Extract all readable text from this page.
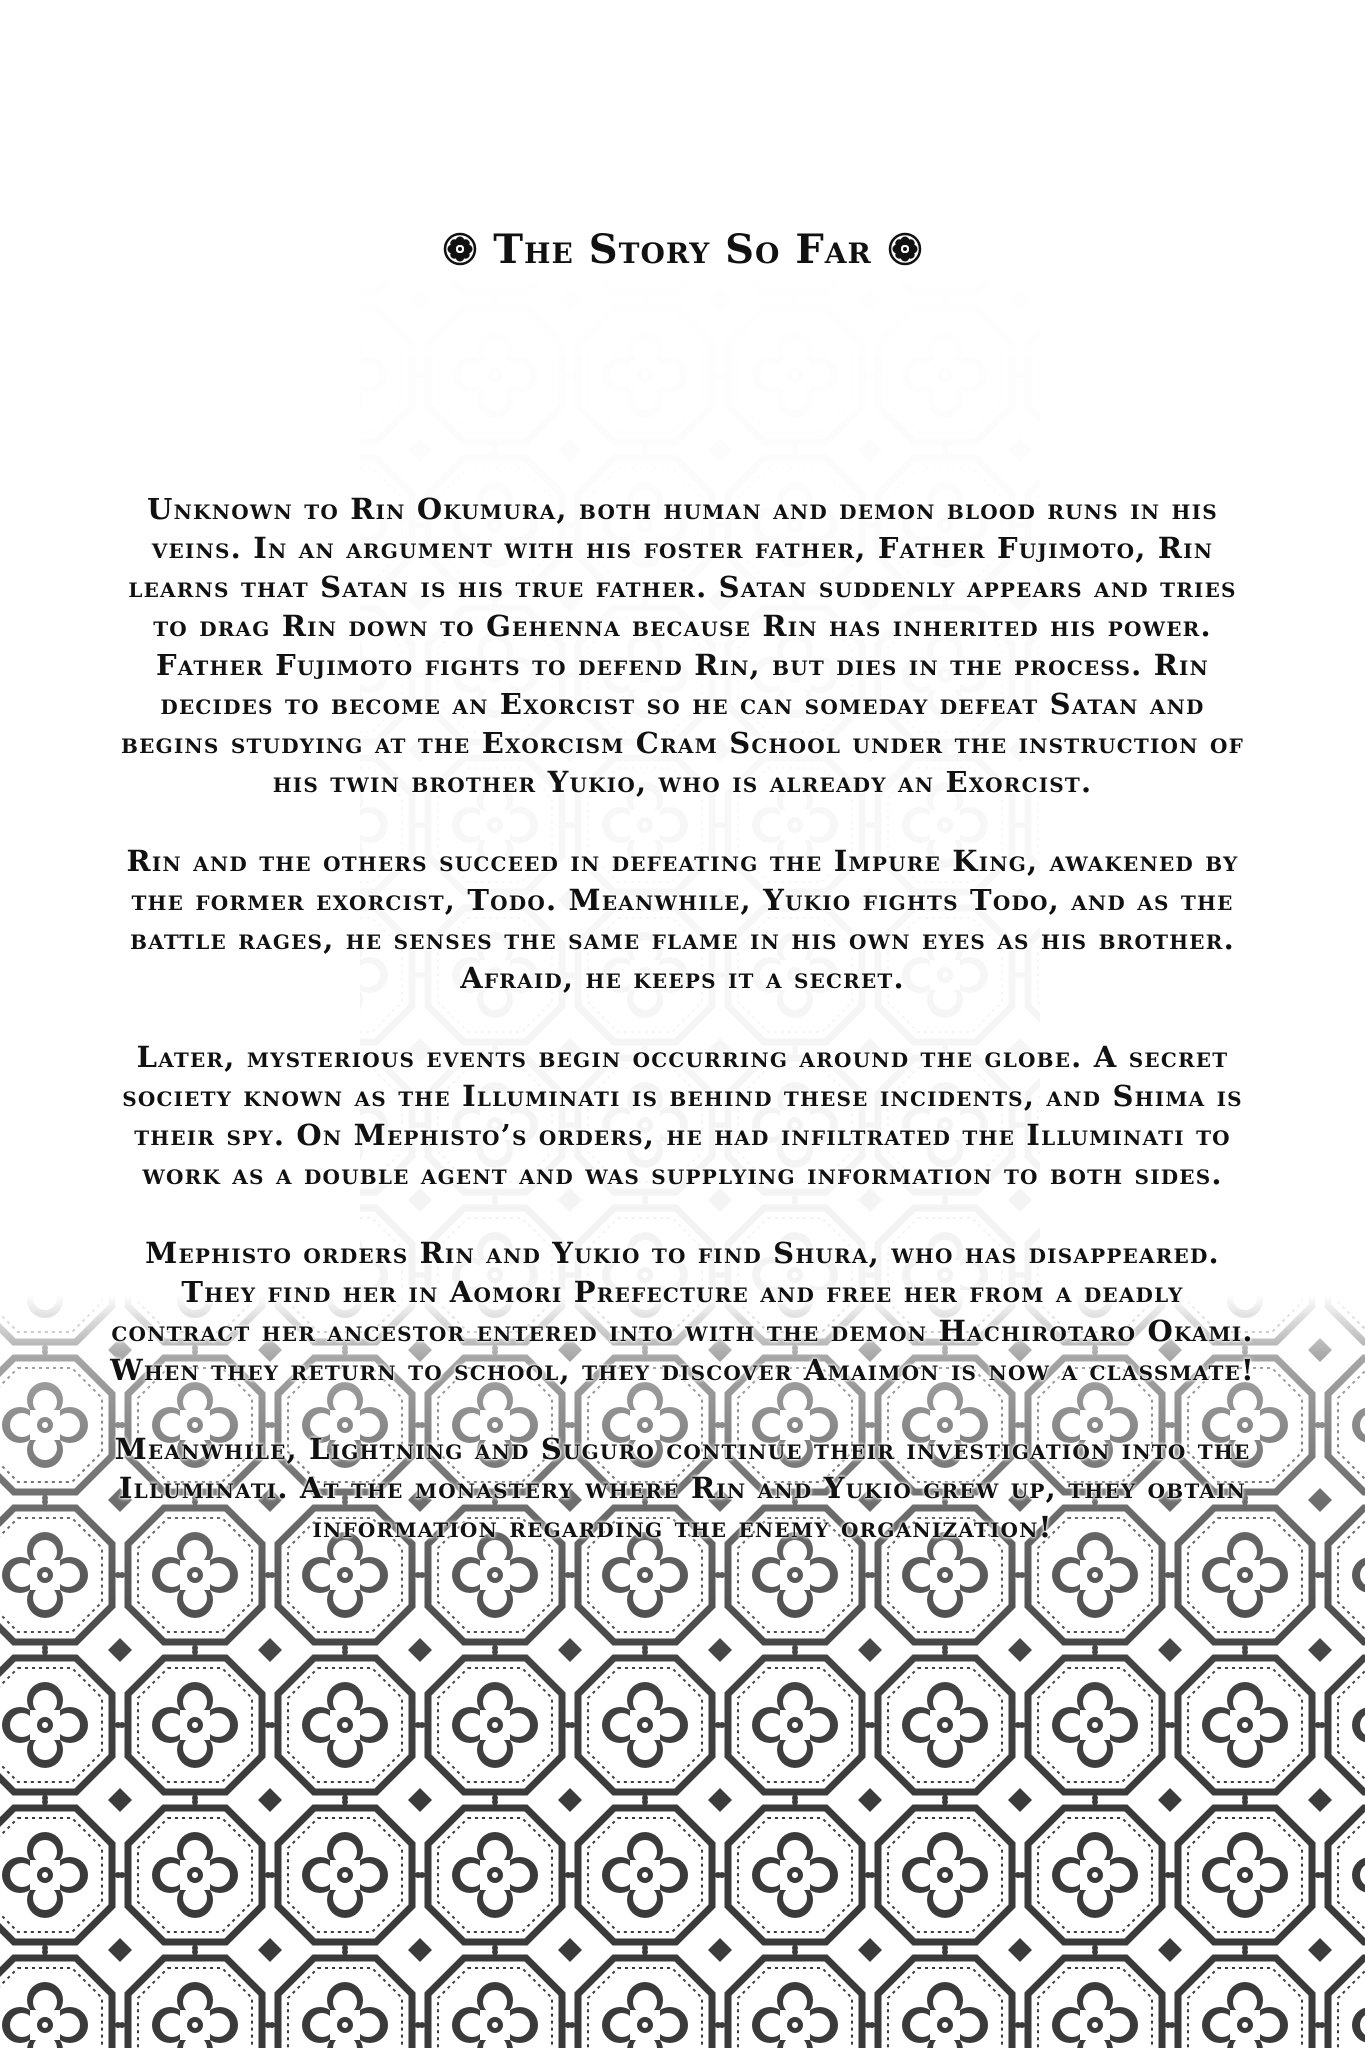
The Story So Far

Unknown to Rin Okumura, both human and demon blood runs in his veins. In an argument with his foster father, Father Fujimoto, Rin learns that Satan is his true father. Satan suddenly appears and tries to drag Rin down to Gehenna because Rin has inherited his power. Father Fujimoto fights to defend Rin, but dies in the process. Rin decides to become an Exorcist so he can someday defeat Satan and begins studying at the Exorcism Cram School under the instruction of his twin brother Yukio, who is already an Exorcist.

Rin and the others succeed in defeating the Impure King, awakened by the former exorcist, Todo. Meanwhile, Yukio fights Todo, and as the battle rages, he senses the same flame in his own eyes as his brother. Afraid, he keeps it a secret.

Later, mysterious events begin occurring around the globe. A secret society known as the Illuminati is behind these incidents, and Shima is their spy. On Mephisto’s orders, he had infiltrated the Illuminati to work as a double agent and was supplying information to both sides.

Mephisto orders Rin and Yukio to find Shura, who has disappeared. They find her in Aomori Prefecture and free her from a deadly contract her ancestor entered into with the demon Hachirotaro Okami. When they return to school, they discover Amaimon is now a classmate!

Meanwhile, Lightning and Suguro continue their investigation into the Illuminati. At the monastery where Rin and Yukio grew up, they obtain information regarding the enemy organization!
